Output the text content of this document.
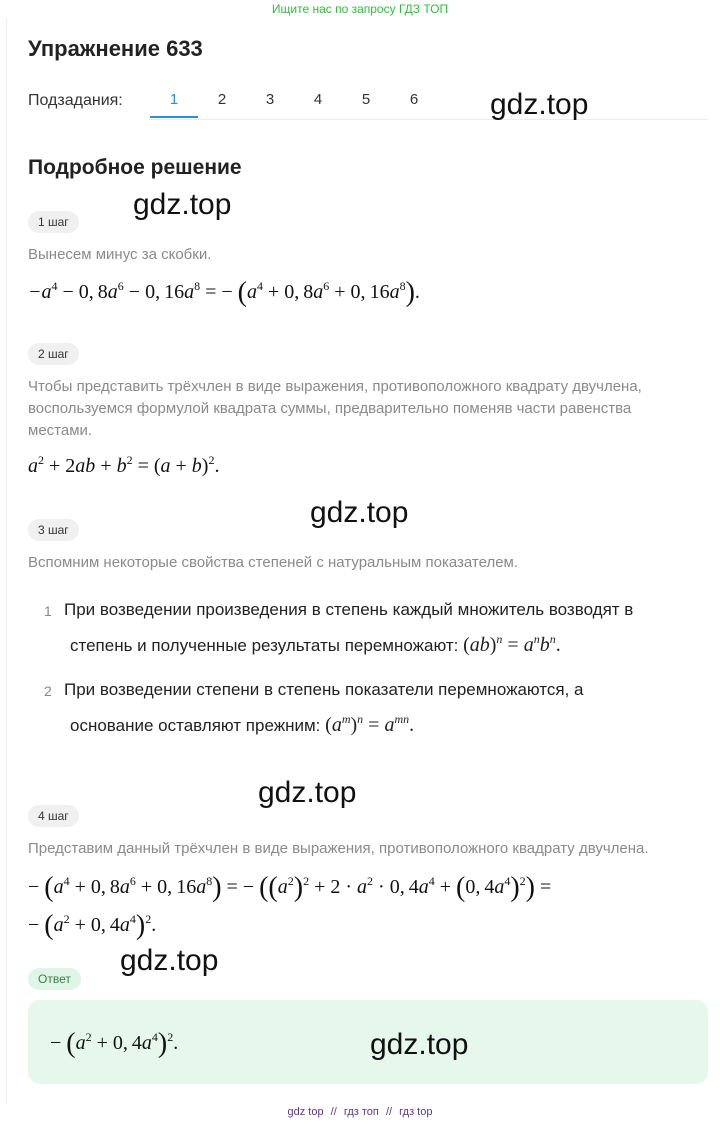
Ищите нас по запросу ГДЗ ТОП
Упражнение 633
Подзадания:	1	2	3	4	5	6	gdz.top
Подробное решение
gdz.top
1 шаг
Вынесем минус за скобки.
$-a^4 - 0$, $8a^6 - 0$, $16a^8$ = − ($a^4 + 0$, $8a^6 + 0$, $16a^8$).
2 шаг
Чтобы представить трёхчлен в виде выражения, противоположного квадрату двучлена,
воспользуемся формулой квадрата суммы, предварительно поменяв части равенства
местами.
$a^2 + 2ab + b^2 = (a + b)^2$.
gdz.top
3 шаг
Вспомним некоторые свойства степеней с натуральным показателем.
1 При возведении произведения в степень каждый множитель возводят в
степень и полученные результаты перемножают: $(ab)^n = a^nb^n$.
2 При возведении степени в степень показатели перемножаются, а
основание оставляют прежним: $(a^m)^n = a^{mn}$.
gdz.top
4 шаг
Представим данный трёхчлен в виде выражения, противоположного квадрату двучлена.
− ($a^4 + 0$, $8a^6 + 0$, $16a^8$) = − ($(a^2)^2 + 2 \cdot a^2 \cdot 0$, $4a^4 + (0$, $4a^4)^2$) =
− ($a^2 + 0$, $4a^4)^2$.
gdz.top
Ответ
− ($a^2 + 0$, $4a^4)^2$.	gdz.top
gdz top // гдз топ // гдз top
